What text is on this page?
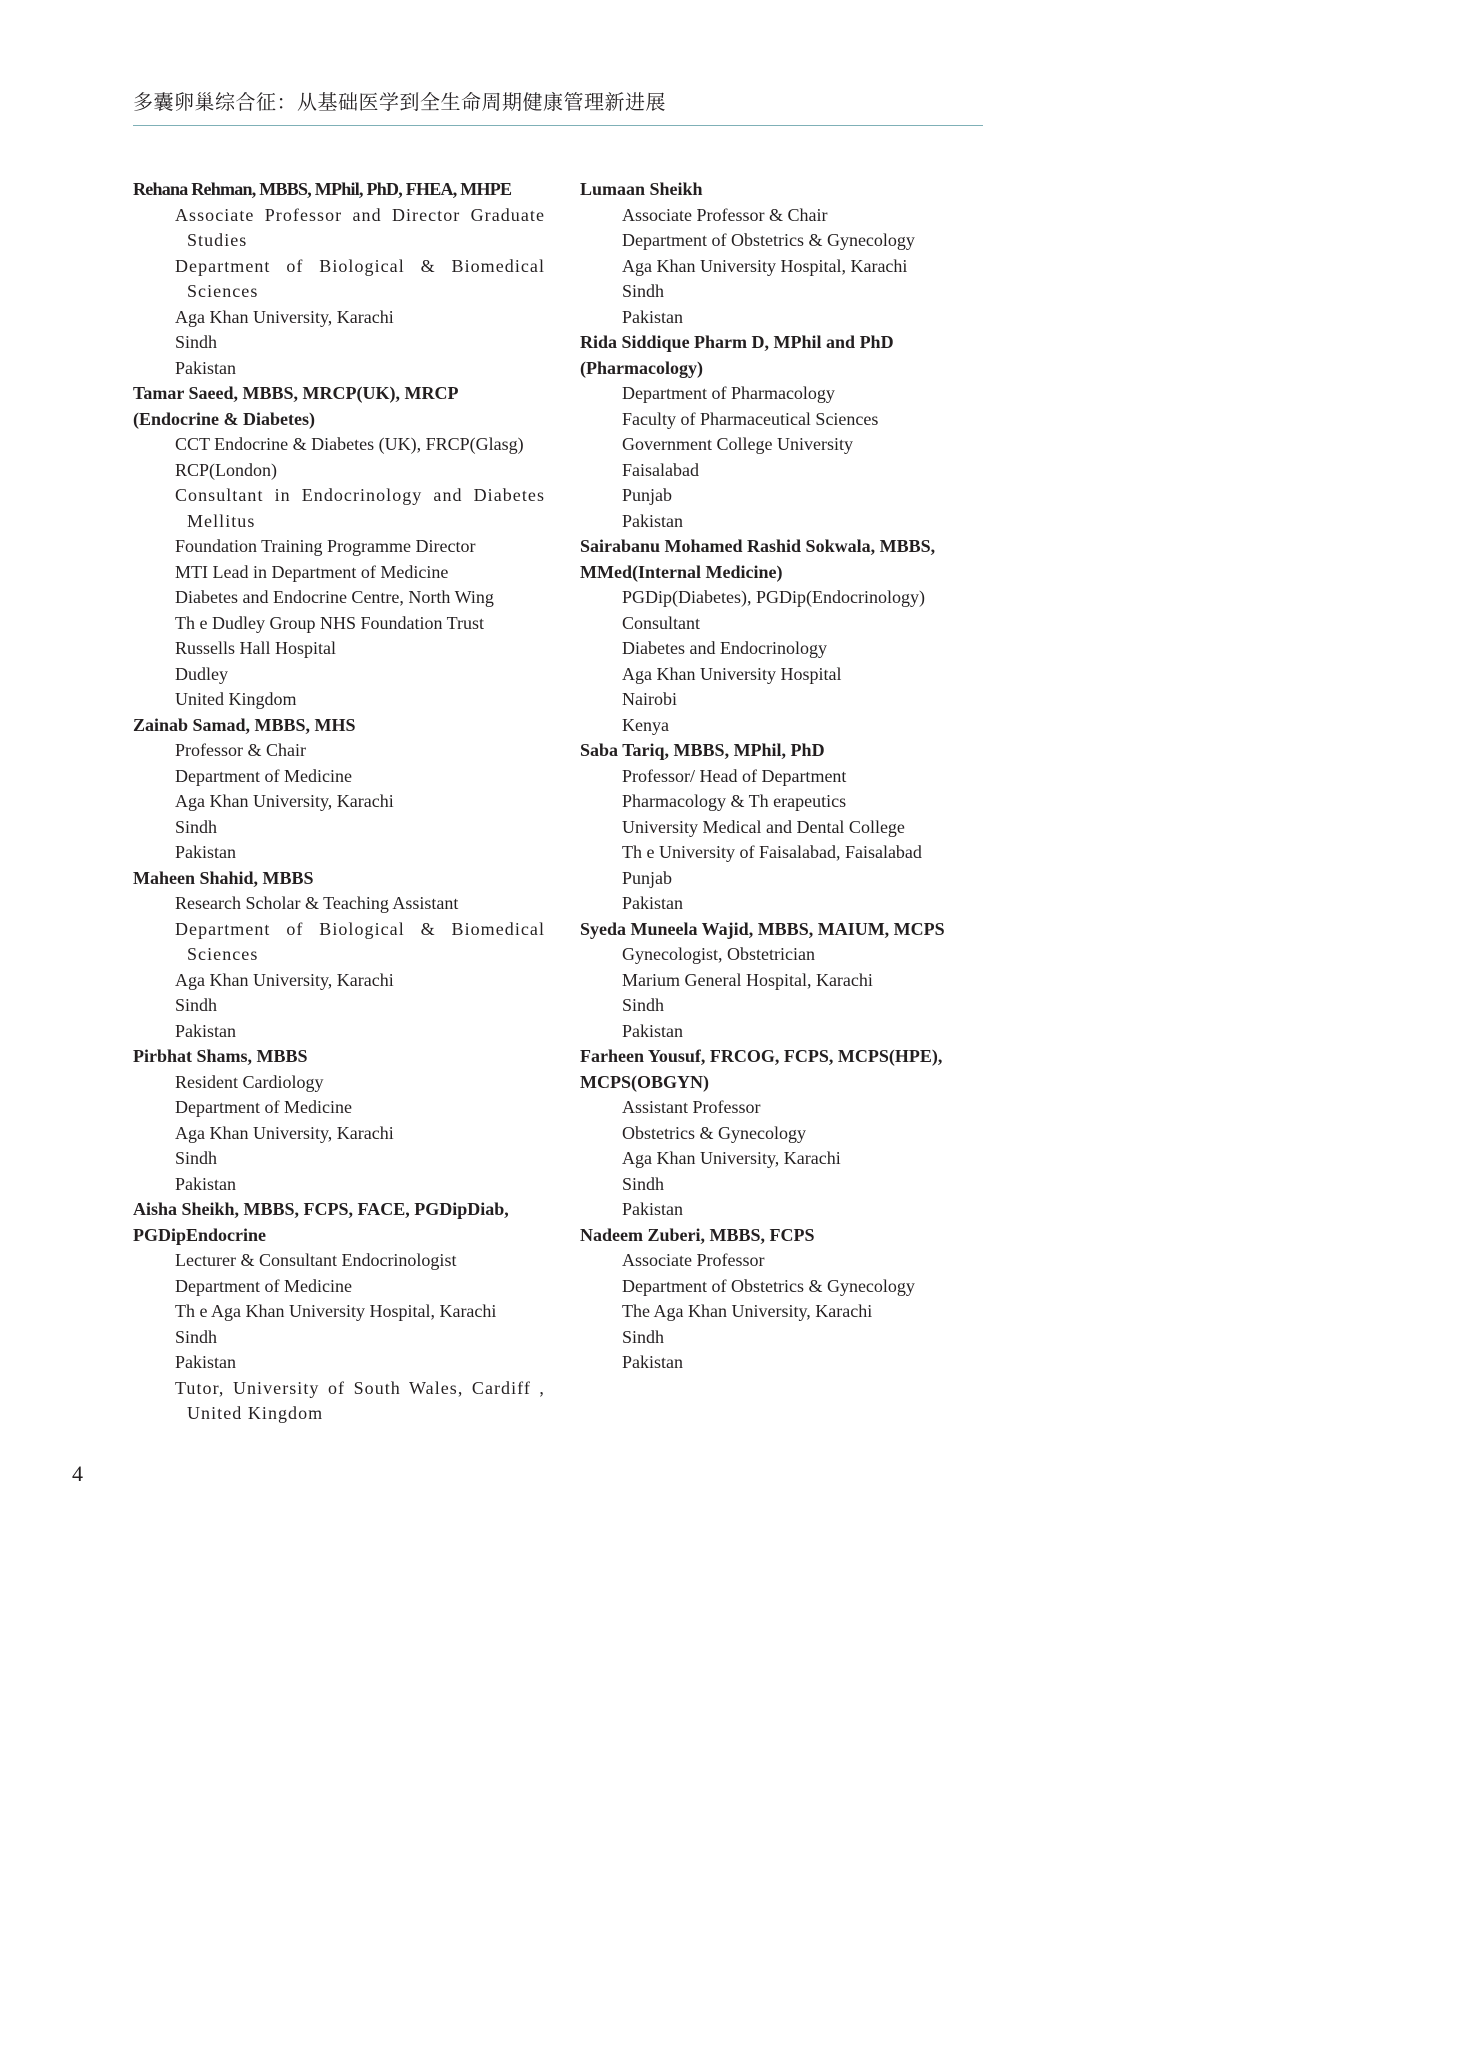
多囊卵巢综合征：从基础医学到全生命周期健康管理新进展
Rehana Rehman, MBBS, MPhil, PhD, FHEA, MHPE
Associate Professor and Director Graduate Studies
Department of Biological & Biomedical Sciences
Aga Khan University, Karachi
Sindh
Pakistan
Tamar Saeed, MBBS, MRCP(UK), MRCP
(Endocrine & Diabetes)
CCT Endocrine & Diabetes (UK), FRCP(Glasg)
RCP(London)
Consultant in Endocrinology and Diabetes Mellitus
Foundation Training Programme Director
MTI Lead in Department of Medicine
Diabetes and Endocrine Centre, North Wing
Th e Dudley Group NHS Foundation Trust
Russells Hall Hospital
Dudley
United Kingdom
Zainab Samad, MBBS, MHS
Professor & Chair
Department of Medicine
Aga Khan University, Karachi
Sindh
Pakistan
Maheen Shahid, MBBS
Research Scholar & Teaching Assistant
Department of Biological & Biomedical Sciences
Aga Khan University, Karachi
Sindh
Pakistan
Pirbhat Shams, MBBS
Resident Cardiology
Department of Medicine
Aga Khan University, Karachi
Sindh
Pakistan
Aisha Sheikh, MBBS, FCPS, FACE, PGDipDiab,
PGDipEndocrine
Lecturer & Consultant Endocrinologist
Department of Medicine
Th e Aga Khan University Hospital, Karachi
Sindh
Pakistan
Tutor, University of South Wales, Cardiff , United Kingdom
Lumaan Sheikh
Associate Professor & Chair
Department of Obstetrics & Gynecology
Aga Khan University Hospital, Karachi
Sindh
Pakistan
Rida Siddique Pharm D, MPhil and PhD
(Pharmacology)
Department of Pharmacology
Faculty of Pharmaceutical Sciences
Government College University
Faisalabad
Punjab
Pakistan
Sairabanu Mohamed Rashid Sokwala, MBBS,
MMed(Internal Medicine)
PGDip(Diabetes), PGDip(Endocrinology)
Consultant
Diabetes and Endocrinology
Aga Khan University Hospital
Nairobi
Kenya
Saba Tariq, MBBS, MPhil, PhD
Professor/ Head of Department
Pharmacology & Th erapeutics
University Medical and Dental College
Th e University of Faisalabad, Faisalabad
Punjab
Pakistan
Syeda Muneela Wajid, MBBS, MAIUM, MCPS
Gynecologist, Obstetrician
Marium General Hospital, Karachi
Sindh
Pakistan
Farheen Yousuf, FRCOG, FCPS, MCPS(HPE),
MCPS(OBGYN)
Assistant Professor
Obstetrics & Gynecology
Aga Khan University, Karachi
Sindh
Pakistan
Nadeem Zuberi, MBBS, FCPS
Associate Professor
Department of Obstetrics & Gynecology
The Aga Khan University, Karachi
Sindh
Pakistan
4
